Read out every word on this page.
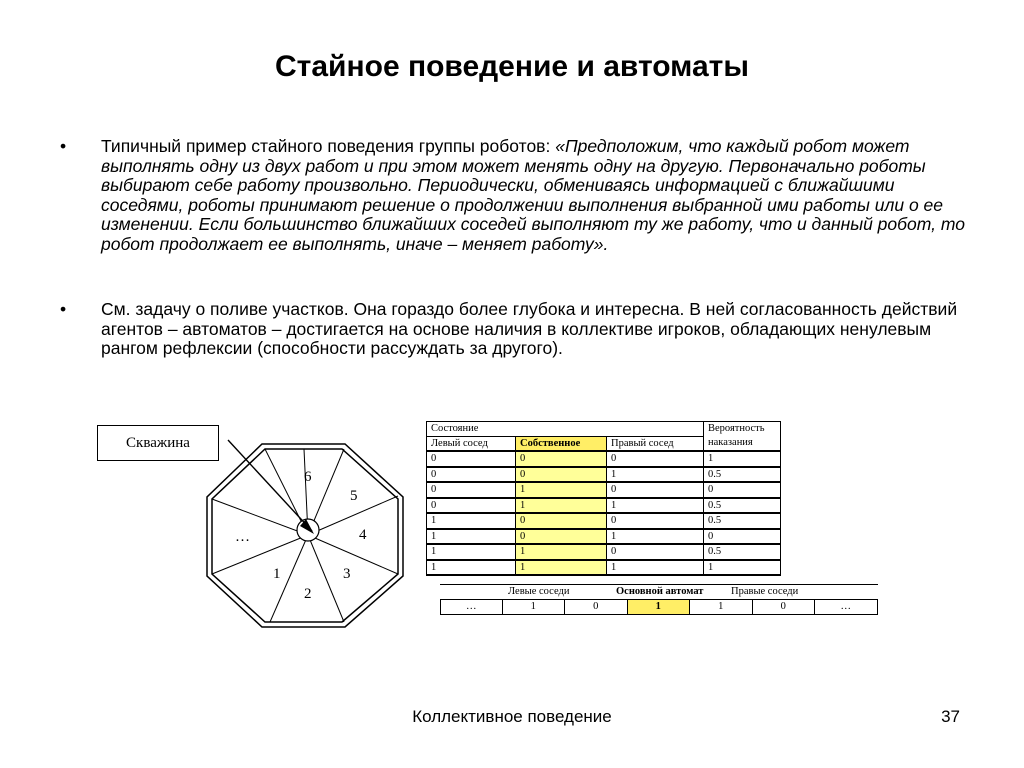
Стайное поведение и автоматы
• Типичный пример стайного поведения группы роботов: «Предположим, что каждый робот может выполнять одну из двух работ и при этом может менять одну на другую. Первоначально роботы выбирают себе работу произвольно. Периодически, обмениваясь информацией с ближайшими соседями, роботы принимают решение о продолжении выполнения выбранной ими работы или о ее изменении. Если большинство ближайших соседей выполняют ту же работу, что и данный робот, то робот продолжает ее выполнять, иначе – меняет работу».
• См. задачу о поливе участков. Она гораздо более глубока и интересна. В ней согласованность действий агентов – автоматов – достигается на основе наличия в коллективе игроков, обладающих ненулевым рангом рефлексии (способности рассуждать за другого).
6
5
4
3
2
1
…
Скважина
Состояние			Вероятность
Левый сосед	Собственное	Правый сосед	наказания
0	0	0	1
0	0	1	0.5
0	1	0	0
0	1	1	0.5
1	0	0	0.5
1	0	1	0
1	1	0	0.5
1	1	1	1
Левые соседи	Основной автомат	Правые соседи
…	1	0	1	1	0	…
Коллективное поведение	37
